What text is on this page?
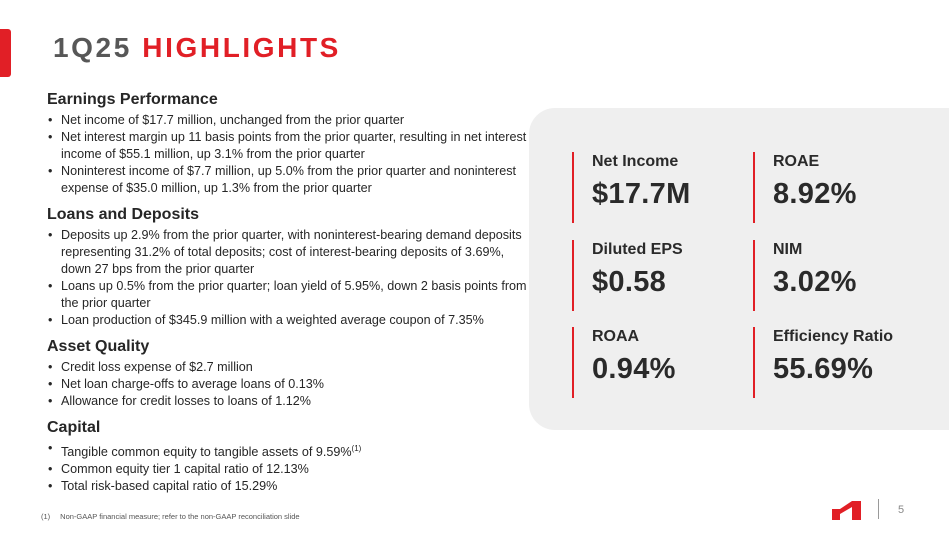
1Q25 HIGHLIGHTS
Earnings Performance
• Net income of $17.7 million, unchanged from the prior quarter
• Net interest margin up 11 basis points from the prior quarter, resulting in net interest income of $55.1 million, up 3.1% from the prior quarter
• Noninterest income of $7.7 million, up 5.0% from the prior quarter and noninterest expense of $35.0 million, up 1.3% from the prior quarter
Loans and Deposits
• Deposits up 2.9% from the prior quarter, with noninterest-bearing demand deposits representing 31.2% of total deposits; cost of interest-bearing deposits of 3.69%, down 27 bps from the prior quarter
• Loans up 0.5% from the prior quarter; loan yield of 5.95%, down 2 basis points from the prior quarter
• Loan production of $345.9 million with a weighted average coupon of 7.35%
Asset Quality
• Credit loss expense of $2.7 million
• Net loan charge-offs to average loans of 0.13%
• Allowance for credit losses to loans of 1.12%
Capital
• Tangible common equity to tangible assets of 9.59%$^{(1)}$
• Common equity tier 1 capital ratio of 12.13%
• Total risk-based capital ratio of 15.29%
Net Income
$17.7M
ROAE
8.92%
Diluted EPS
$0.58
NIM
3.02%
ROAA
0.94%
Efficiency Ratio
55.69%
(1) Non-GAAP financial measure; refer to the non-GAAP reconciliation slide
5
